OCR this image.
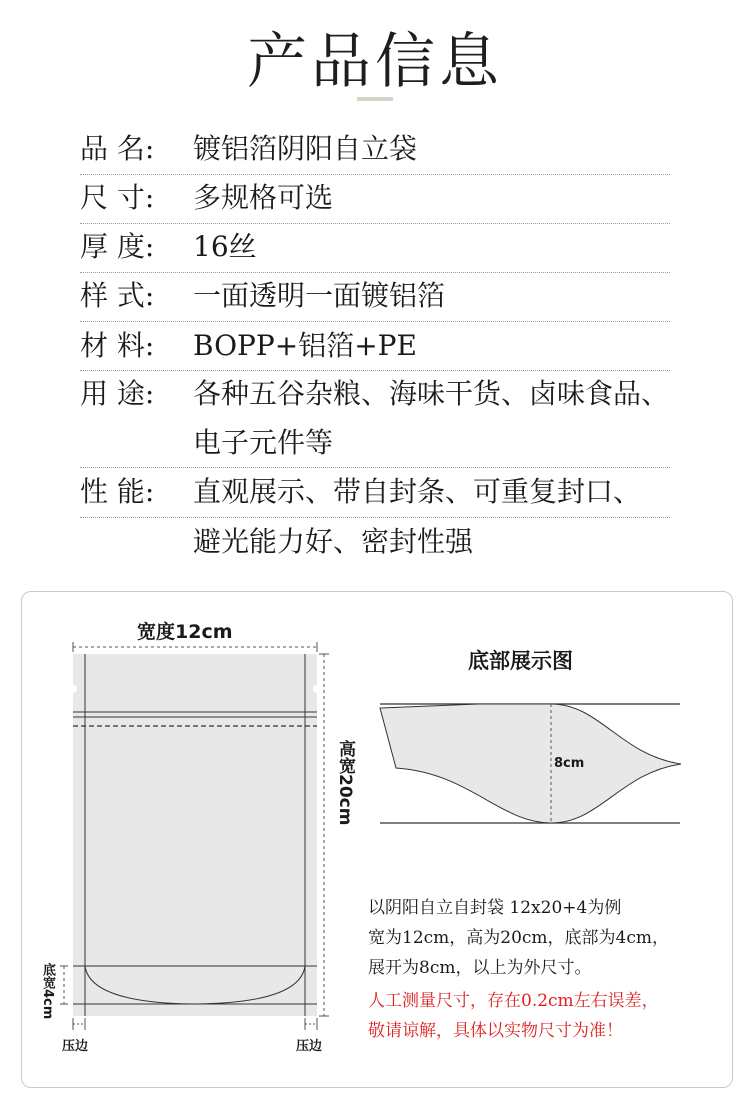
产品信息
品 名:	镀铝箔阴阳自立袋
尺 寸:	多规格可选
厚 度:	16丝
样 式:	一面透明一面镀铝箔
材 料:	BOPP+铝箔+PE
用 途:	各种五谷杂粮、海味干货、卤味食品、
电子元件等
性 能:	直观展示、带自封条、可重复封口、
避光能力好、密封性强
宽度12cm
高宽20cm
底宽4cm
压边	压边
底部展示图
8cm
以阴阳自立自封袋 12x20+4为例
宽为12cm，高为20cm，底部为4cm，
展开为8cm，以上为外尺寸。
人工测量尺寸，存在0.2cm左右误差，
敬请谅解，具体以实物尺寸为准！
